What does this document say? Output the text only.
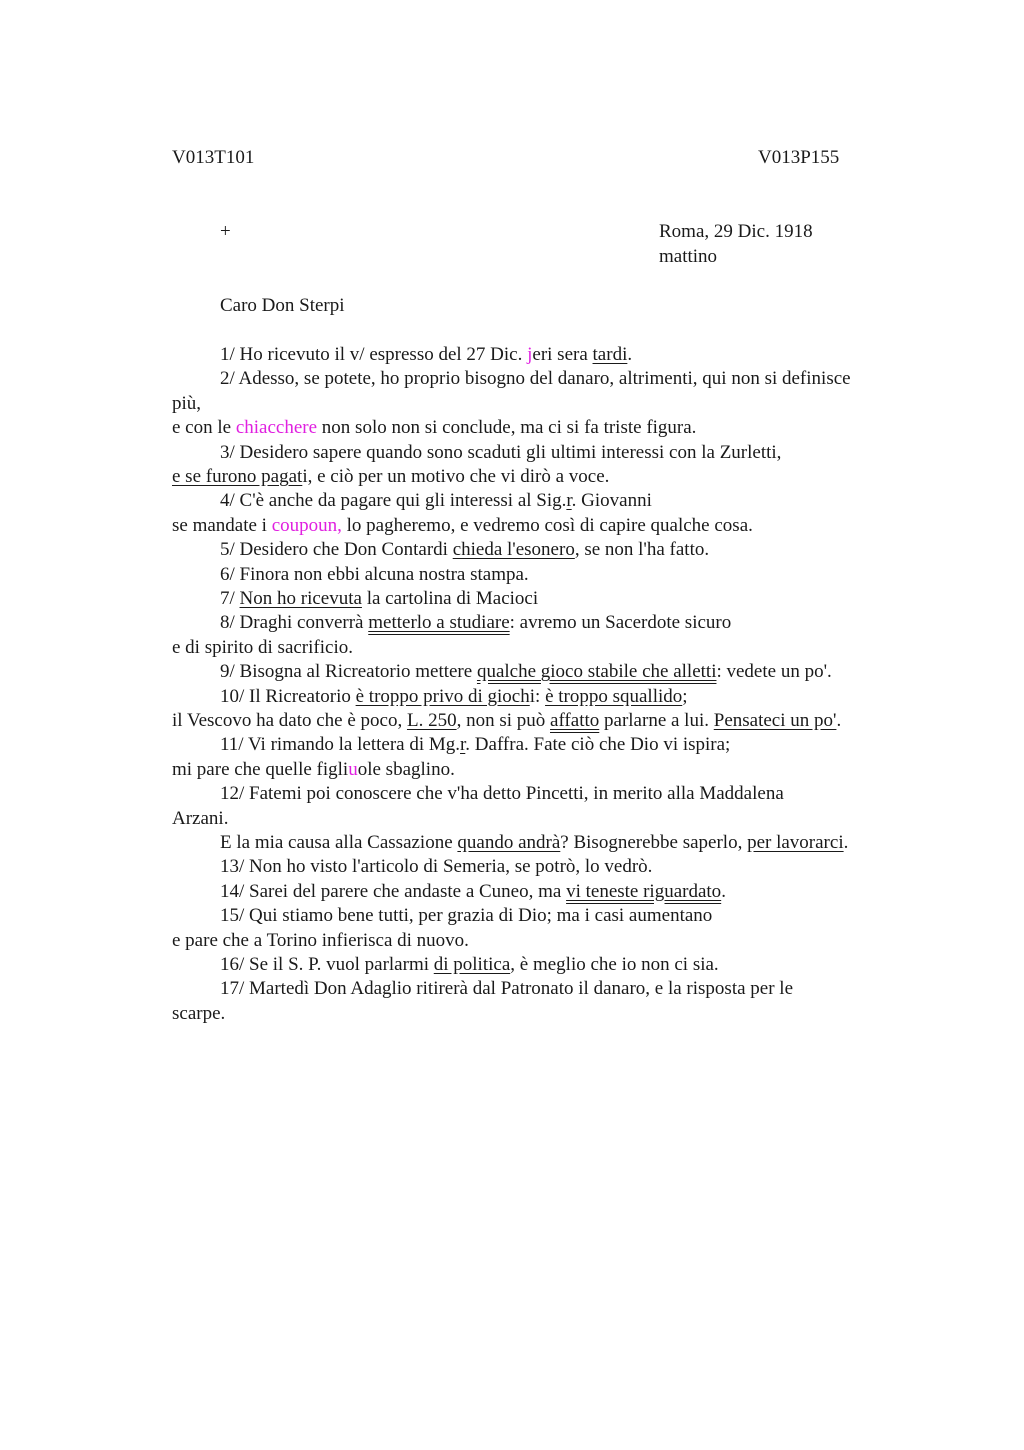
V013T101	V013P155
+	Roma, 29 Dic. 1918
mattino
Caro Don Sterpi
1/ Ho ricevuto il v/ espresso del 27 Dic. jeri sera tardi.
2/ Adesso, se potete, ho proprio bisogno del danaro, altrimenti, qui non si definisce
più,
e con le chiacchere non solo non si conclude, ma ci si fa triste figura.
3/ Desidero sapere quando sono scaduti gli ultimi interessi con la Zurletti,
e se furono pagati, e ciò per un motivo che vi dirò a voce.
4/ C'è anche da pagare qui gli interessi al Sig.r. Giovanni
se mandate i coupoun, lo pagheremo, e vedremo così di capire qualche cosa.
5/ Desidero che Don Contardi chieda l'esonero, se non l'ha fatto.
6/ Finora non ebbi alcuna nostra stampa.
7/ Non ho ricevuta la cartolina di Macioci
8/ Draghi converrà metterlo a studiare: avremo un Sacerdote sicuro
e di spirito di sacrificio.
9/ Bisogna al Ricreatorio mettere qualche gioco stabile che alletti: vedete un po'.
10/ Il Ricreatorio è troppo privo di giochi: è troppo squallido;
il Vescovo ha dato che è poco, L. 250, non si può affatto parlarne a lui. Pensateci un po'.
11/ Vi rimando la lettera di Mg.r. Daffra. Fate ciò che Dio vi ispira;
mi pare che quelle figliuole sbaglino.
12/ Fatemi poi conoscere che v'ha detto Pincetti, in merito alla Maddalena
Arzani.
E la mia causa alla Cassazione quando andrà? Bisognerebbe saperlo, per lavorarci.
13/ Non ho visto l'articolo di Semeria, se potrò, lo vedrò.
14/ Sarei del parere che andaste a Cuneo, ma vi teneste riguardato.
15/ Qui stiamo bene tutti, per grazia di Dio; ma i casi aumentano
e pare che a Torino infierisca di nuovo.
16/ Se il S. P. vuol parlarmi di politica, è meglio che io non ci sia.
17/ Martedì Don Adaglio ritirerà dal Patronato il danaro, e la risposta per le
scarpe.
